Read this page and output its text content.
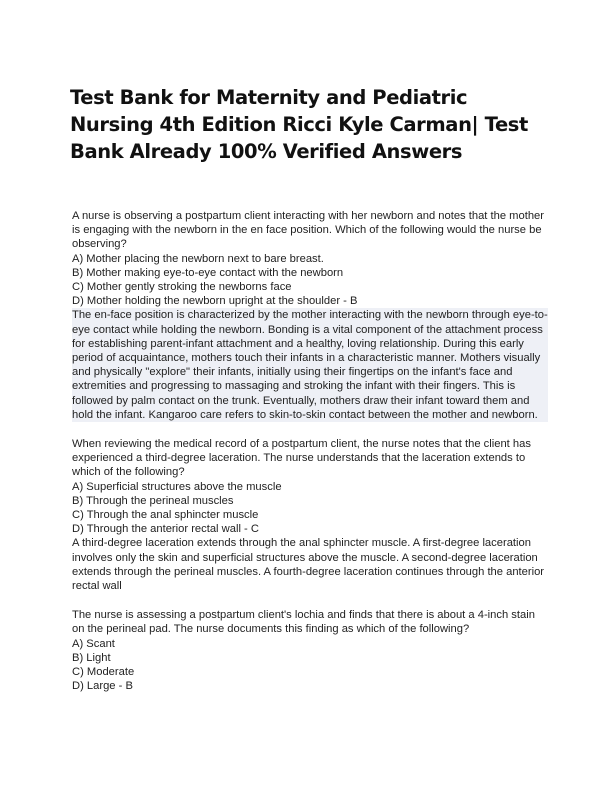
Test Bank for Maternity and Pediatric Nursing 4th Edition Ricci Kyle Carman| Test Bank Already 100% Verified Answers

A nurse is observing a postpartum client interacting with her newborn and notes that the mother is engaging with the newborn in the en face position. Which of the following would the nurse be observing?

A) Mother placing the newborn next to bare breast.
B) Mother making eye-to-eye contact with the newborn
C) Mother gently stroking the newborns face
D) Mother holding the newborn upright at the shoulder - B
The en-face position is characterized by the mother interacting with the newborn through eye-to-eye contact while holding the newborn. Bonding is a vital component of the attachment process for establishing parent-infant attachment and a healthy, loving relationship. During this early period of acquaintance, mothers touch their infants in a characteristic manner. Mothers visually and physically "explore" their infants, initially using their fingertips on the infant's face and extremities and progressing to massaging and stroking the infant with their fingers. This is followed by palm contact on the trunk. Eventually, mothers draw their infant toward them and hold the infant. Kangaroo care refers to skin-to-skin contact between the mother and newborn.

When reviewing the medical record of a postpartum client, the nurse notes that the client has experienced a third-degree laceration. The nurse understands that the laceration extends to which of the following?

A) Superficial structures above the muscle
B) Through the perineal muscles
C) Through the anal sphincter muscle
D) Through the anterior rectal wall - C
A third-degree laceration extends through the anal sphincter muscle. A first-degree laceration involves only the skin and superficial structures above the muscle. A second-degree laceration extends through the perineal muscles. A fourth-degree laceration continues through the anterior rectal wall

The nurse is assessing a postpartum client's lochia and finds that there is about a 4-inch stain on the perineal pad. The nurse documents this finding as which of the following?

A) Scant
B) Light
C) Moderate
D) Large - B
